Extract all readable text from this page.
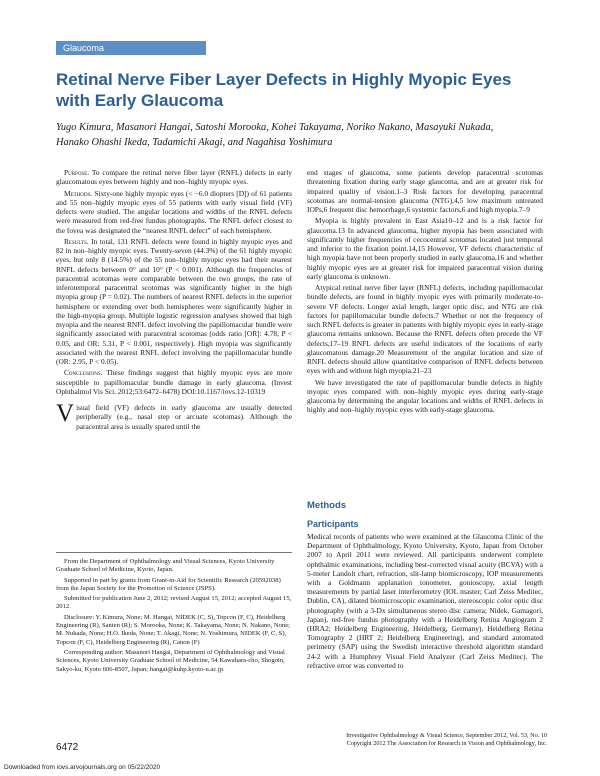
Glaucoma
Retinal Nerve Fiber Layer Defects in Highly Myopic Eyes with Early Glaucoma

Yugo Kimura, Masanori Hangai, Satoshi Morooka, Kohei Takayama, Noriko Nakano, Masayuki Nukada, Hanako Ohashi Ikeda, Tadamichi Akagi, and Nagahisa Yoshimura

Purpose. To compare the retinal nerve fiber layer (RNFL) defects in early glaucomatous eyes between highly and non–highly myopic eyes.

Methods. Sixty-one highly myopic eyes (< −6.0 diopters [D]) of 61 patients and 55 non–highly myopic eyes of 55 patients with early visual field (VF) defects were studied. The angular locations and widths of the RNFL defects were measured from red-free fundus photographs. The RNFL defect closest to the fovea was designated the “nearest RNFL defect” of each hemisphere.

Results. In total, 131 RNFL defects were found in highly myopic eyes and 82 in non–highly myopic eyes. Twenty-seven (44.3%) of the 61 highly myopic eyes, but only 8 (14.5%) of the 55 non–highly myopic eyes had their nearest RNFL defects between 0° and 10° (P < 0.001). Although the frequencies of paracentral scotomas were comparable between the two groups, the rate of inferotemporal paracentral scotomas was significantly higher in the high myopia group (P = 0.02). The numbers of nearest RNFL defects in the superior hemisphere or extending over both hemispheres were significantly higher in the high-myopia group. Multiple logistic regression analyses showed that high myopia and the nearest RNFL defect involving the papillomacular bundle were significantly associated with paracentral scotomas (odds ratio [OR]: 4.78, P < 0.05, and OR: 5.31, P < 0.001, respectively). High myopia was significantly associated with the nearest RNFL defect involving the papillomacular bundle (OR: 2.95, P < 0.05).

Conclusions. These findings suggest that highly myopic eyes are more susceptible to papillomacular bundle damage in early glaucoma. (Invest Ophthalmol Vis Sci. 2012;53:6472–6478) DOI:10.1167/iovs.12-10319

Visual field (VF) defects in early glaucoma are usually detected peripherally (e.g., nasal step or arcuate scotomas). Although the paracentral area is usually spared until the

end stages of glaucoma, some patients develop paracentral scotomas threatening fixation during early stage glaucoma, and are at greater risk for impaired quality of vision.1–3 Risk factors for developing paracentral scotomas are normal-tension glaucoma (NTG),4,5 low maximum untreated IOPs,6 frequent disc hemorrhage,6 systemic factors,6 and high myopia.7–9

Myopia is highly prevalent in East Asia10–12 and is a risk factor for glaucoma.13 In advanced glaucoma, higher myopia has been associated with significantly higher frequencies of cecocentral scotomas located just temporal and inferior to the fixation point.14,15 However, VF defects characteristic of high myopia have not been properly studied in early glaucoma,16 and whether highly myopic eyes are at greater risk for impaired paracentral vision during early glaucoma is unknown.

Atypical retinal nerve fiber layer (RNFL) defects, including papillomacular bundle defects, are found in highly myopic eyes with primarily moderate-to-severe VF defects. Longer axial length, larger optic disc, and NTG are risk factors for papillomacular bundle defects.7 Whether or not the frequency of such RNFL defects is greater in patients with highly myopic eyes in early-stage glaucoma remains unknown. Because the RNFL defects often precede the VF defects,17–19 RNFL defects are useful indicators of the locations of early glaucomatous damage.20 Measurement of the angular location and size of RNFL defects should allow quantitative comparison of RNFL defects between eyes with and without high myopia.21–23

We have investigated the rate of papillomacular bundle defects in highly myopic eyes compared with non–highly myopic eyes during early-stage glaucoma by determining the angular locations and widths of RNFL defects in highly and non–highly myopic eyes with early-stage glaucoma.

Methods
Participants
Medical records of patients who were examined at the Glaucoma Clinic of the Department of Ophthalmology, Kyoto University, Kyoto, Japan from October 2007 to April 2011 were reviewed. All participants underwent complete ophthalmic examinations, including best-corrected visual acuity (BCVA) with a 5-meter Landolt chart, refraction, slit-lamp biomicroscopy, IOP measurements with a Goldmann applanation tonometer, gonioscopy, axial length measurements by partial laser interferometry (IOL master; Carl Zeiss Meditec, Dublin, CA), dilated biomicroscopic examination, stereoscopic color optic disc photography (with a 3-Dx simultaneous stereo disc camera; Nidek, Gamagori, Japan), red-free fundus photography with a Heidelberg Retina Angiogram 2 (HRA2; Heidelberg Engineering, Heidelberg, Germany), Heidelberg Retina Tomography 2 (HRT 2; Heidelberg Engineering), and standard automated perimetry (SAP) using the Swedish interactive threshold algorithm standard 24-2 with a Humphrey Visual Field Analyzer (Carl Zeiss Meditec). The refractive error was converted to

From the Department of Ophthalmology and Visual Sciences, Kyoto University Graduate School of Medicine, Kyoto, Japan.

Supported in part by grants from Grant-in-Aid for Scientific Research (20592038) from the Japan Society for the Promotion of Science (JSPS).

Submitted for publication June 2, 2012; revised August 15, 2012; accepted August 15, 2012.

Disclosure: Y. Kimura, None; M. Hangai, NIDEK (C, S), Topcon (F, C), Heidelberg Engineering (R), Santen (R); S. Morooka, None; K. Takayama, None; N. Nakano, None; M. Nukada, None; H.O. Ikeda, None; T. Akagi, None; N. Yoshimura, NIDEK (F, C, S), Topcon (F, C), Heidelberg Engineering (R), Canon (F)

Corresponding author: Masanori Hangai, Department of Ophthalmology and Visual Sciences, Kyoto University Graduate School of Medicine, 54 Kawahara-cho, Shogoin, Sakyo-ku, Kyoto 606-8507, Japan; hangai@kuhp.kyoto-u.ac.jp.

6472
Investigative Ophthalmology & Visual Science, September 2012, Vol. 53, No. 10
Copyright 2012 The Association for Research in Vision and Ophthalmology, Inc.
Downloaded from iovs.arvojournals.org on 05/22/2020
